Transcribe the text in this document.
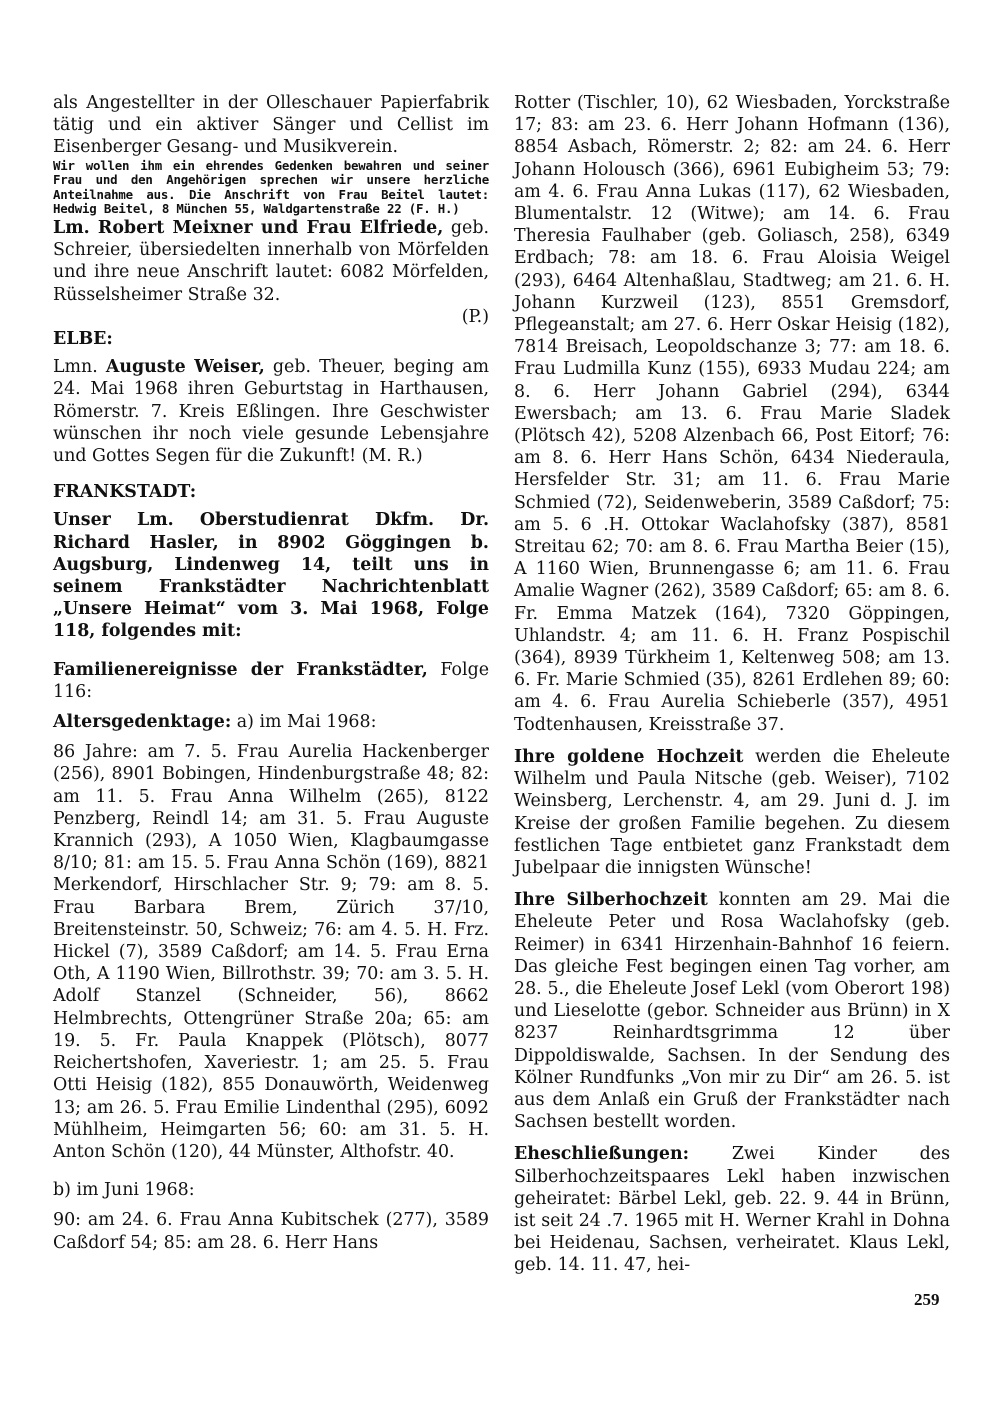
als Angestellter in der Olleschauer Papierfabrik tätig und ein aktiver Sänger und Cellist im Eisenberger Gesang- und Musikverein.

Wir wollen ihm ein ehrendes Gedenken bewahren und seiner Frau und den Angehörigen sprechen wir unsere herzliche Anteilnahme aus. Die Anschrift von Frau Beitel lautet: Hedwig Beitel, 8 München 55, Waldgartenstraße 22 (F. H.)

Lm. Robert Meixner und Frau Elfriede, geb. Schreier, übersiedelten innerhalb von Mörfelden und ihre neue Anschrift lautet: 6082 Mörfelden, Rüsselsheimer Straße 32.

(P.)

ELBE:

Lmn. Auguste Weiser, geb. Theuer, beging am 24. Mai 1968 ihren Geburtstag in Harthausen, Römerstr. 7. Kreis Eßlingen. Ihre Geschwister wünschen ihr noch viele gesunde Lebensjahre und Gottes Segen für die Zukunft! (M. R.)

FRANKSTADT:

Unser Lm. Oberstudienrat Dkfm. Dr. Richard Hasler, in 8902 Göggingen b. Augsburg, Lindenweg 14, teilt uns in seinem Frankstädter Nachrichtenblatt „Unsere Heimat“ vom 3. Mai 1968, Folge 118, folgendes mit:

Familienereignisse der Frankstädter, Folge 116:

Altersgedenktage: a) im Mai 1968:

86 Jahre: am 7. 5. Frau Aurelia Hackenberger (256), 8901 Bobingen, Hindenburgstraße 48; 82: am 11. 5. Frau Anna Wilhelm (265), 8122 Penzberg, Reindl 14; am 31. 5. Frau Auguste Krannich (293), A 1050 Wien, Klagbaumgasse 8/10; 81: am 15. 5. Frau Anna Schön (169), 8821 Merkendorf, Hirschlacher Str. 9; 79: am 8. 5. Frau Barbara Brem, Zürich 37/10, Breitensteinstr. 50, Schweiz; 76: am 4. 5. H. Frz. Hickel (7), 3589 Caßdorf; am 14. 5. Frau Erna Oth, A 1190 Wien, Billrothstr. 39; 70: am 3. 5. H. Adolf Stanzel (Schneider, 56), 8662 Helmbrechts, Ottengrüner Straße 20a; 65: am 19. 5. Fr. Paula Knappek (Plötsch), 8077 Reichertshofen, Xaveriestr. 1; am 25. 5. Frau Otti Heisig (182), 855 Donauwörth, Weidenweg 13; am 26. 5. Frau Emilie Lindenthal (295), 6092 Mühlheim, Heimgarten 56; 60: am 31. 5. H. Anton Schön (120), 44 Münster, Althofstr. 40.

b) im Juni 1968:

90: am 24. 6. Frau Anna Kubitschek (277), 3589 Caßdorf 54; 85: am 28. 6. Herr Hans

Rotter (Tischler, 10), 62 Wiesbaden, Yorckstraße 17; 83: am 23. 6. Herr Johann Hofmann (136), 8854 Asbach, Römerstr. 2; 82: am 24. 6. Herr Johann Holousch (366), 6961 Eubigheim 53; 79: am 4. 6. Frau Anna Lukas (117), 62 Wiesbaden, Blumentalstr. 12 (Witwe); am 14. 6. Frau Theresia Faulhaber (geb. Goliasch, 258), 6349 Erdbach; 78: am 18. 6. Frau Aloisia Weigel (293), 6464 Altenhaßlau, Stadtweg; am 21. 6. H. Johann Kurzweil (123), 8551 Gremsdorf, Pflegeanstalt; am 27. 6. Herr Oskar Heisig (182), 7814 Breisach, Leopoldschanze 3; 77: am 18. 6. Frau Ludmilla Kunz (155), 6933 Mudau 224; am 8. 6. Herr Johann Gabriel (294), 6344 Ewersbach; am 13. 6. Frau Marie Sladek (Plötsch 42), 5208 Alzenbach 66, Post Eitorf; 76: am 8. 6. Herr Hans Schön, 6434 Niederaula, Hersfelder Str. 31; am 11. 6. Frau Marie Schmied (72), Seidenweberin, 3589 Caßdorf; 75: am 5. 6 .H. Ottokar Waclahofsky (387), 8581 Streitau 62; 70: am 8. 6. Frau Martha Beier (15), A 1160 Wien, Brunnengasse 6; am 11. 6. Frau Amalie Wagner (262), 3589 Caßdorf; 65: am 8. 6. Fr. Emma Matzek (164), 7320 Göppingen, Uhlandstr. 4; am 11. 6. H. Franz Pospischil (364), 8939 Türkheim 1, Keltenweg 508; am 13. 6. Fr. Marie Schmied (35), 8261 Erdlehen 89; 60: am 4. 6. Frau Aurelia Schieberle (357), 4951 Todtenhausen, Kreisstraße 37.

Ihre goldene Hochzeit werden die Eheleute Wilhelm und Paula Nitsche (geb. Weiser), 7102 Weinsberg, Lerchenstr. 4, am 29. Juni d. J. im Kreise der großen Familie begehen. Zu diesem festlichen Tage entbietet ganz Frankstadt dem Jubelpaar die innigsten Wünsche!

Ihre Silberhochzeit konnten am 29. Mai die Eheleute Peter und Rosa Waclahofsky (geb. Reimer) in 6341 Hirzenhain-Bahnhof 16 feiern. Das gleiche Fest begingen einen Tag vorher, am 28. 5., die Eheleute Josef Lekl (vom Oberort 198) und Lieselotte (gebor. Schneider aus Brünn) in X 8237 Reinhardtsgrimma 12 über Dippoldiswalde, Sachsen. In der Sendung des Kölner Rundfunks „Von mir zu Dir“ am 26. 5. ist aus dem Anlaß ein Gruß der Frankstädter nach Sachsen bestellt worden.

Eheschließungen: Zwei Kinder des Silberhochzeitspaares Lekl haben inzwischen geheiratet: Bärbel Lekl, geb. 22. 9. 44 in Brünn, ist seit 24 .7. 1965 mit H. Werner Krahl in Dohna bei Heidenau, Sachsen, verheiratet. Klaus Lekl, geb. 14. 11. 47, hei-

259
